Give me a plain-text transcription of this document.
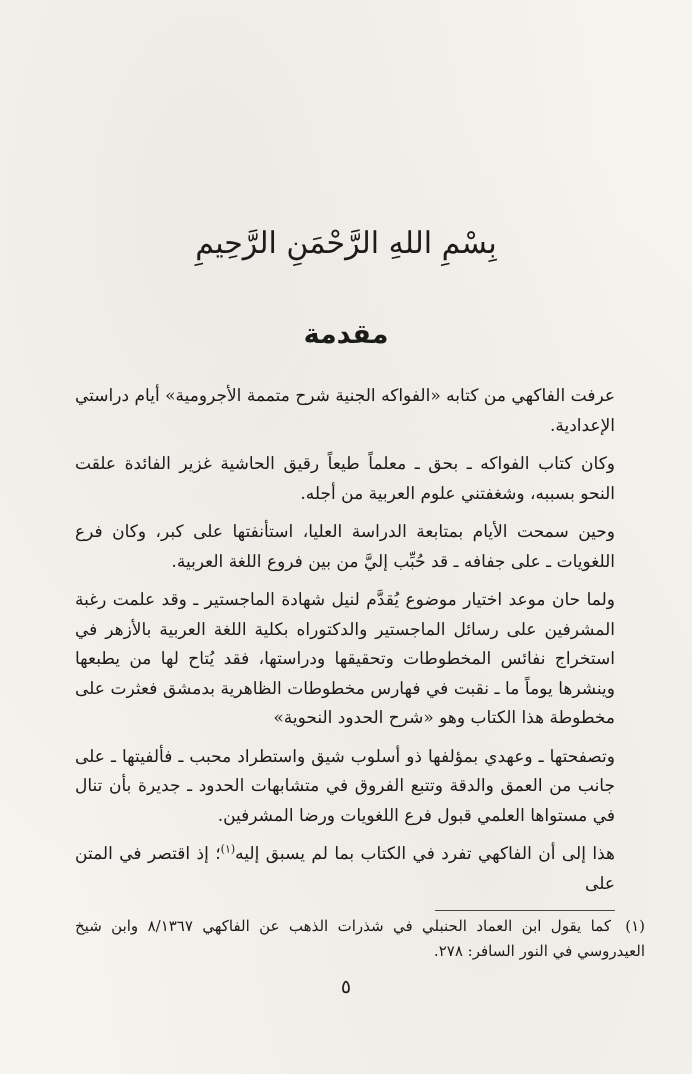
بِسْمِ اللهِ الرَّحْمَنِ الرَّحِيمِ
مقدمة

عرفت الفاكهي من كتابه «الفواكه الجنية شرح متممة الأجرومية» أيام دراستي الإعدادية.

وكان كتاب الفواكه ـ بحق ـ معلماً طيعاً رقيق الحاشية غزير الفائدة علقت النحو بسببه، وشغفتني علوم العربية من أجله.

وحين سمحت الأيام بمتابعة الدراسة العليا، استأنفتها على كبر، وكان فرع اللغويات ـ على جفافه ـ قد حُبِّب إليَّ من بين فروع اللغة العربية.

ولما حان موعد اختيار موضوع يُقدَّم لنيل شهادة الماجستير ـ وقد علمت رغبة المشرفين على رسائل الماجستير والدكتوراه بكلية اللغة العربية بالأزهر في استخراج نفائس المخطوطات وتحقيقها ودراستها، فقد يُتاح لها من يطبعها وينشرها يوماً ما ـ نقبت في فهارس مخطوطات الظاهرية بدمشق فعثرت على مخطوطة هذا الكتاب وهو «شرح الحدود النحوية»

وتصفحتها ـ وعهدي بمؤلفها ذو أسلوب شيق واستطراد محبب ـ فألفيتها ـ على جانب من العمق والدقة وتتبع الفروق في متشابهات الحدود ـ جديرة بأن تنال في مستواها العلمي قبول فرع اللغويات ورضا المشرفين.

هذا إلى أن الفاكهي تفرد في الكتاب بما لم يسبق إليه$^{(١)}$؛ إذ اقتصر في المتن على

(١)كما يقول ابن العماد الحنبلي في شذرات الذهب عن الفاكهي ٨/١٣٦٧ وابن شيخ العيدروسي في النور السافر: ٢٧٨.
٥
